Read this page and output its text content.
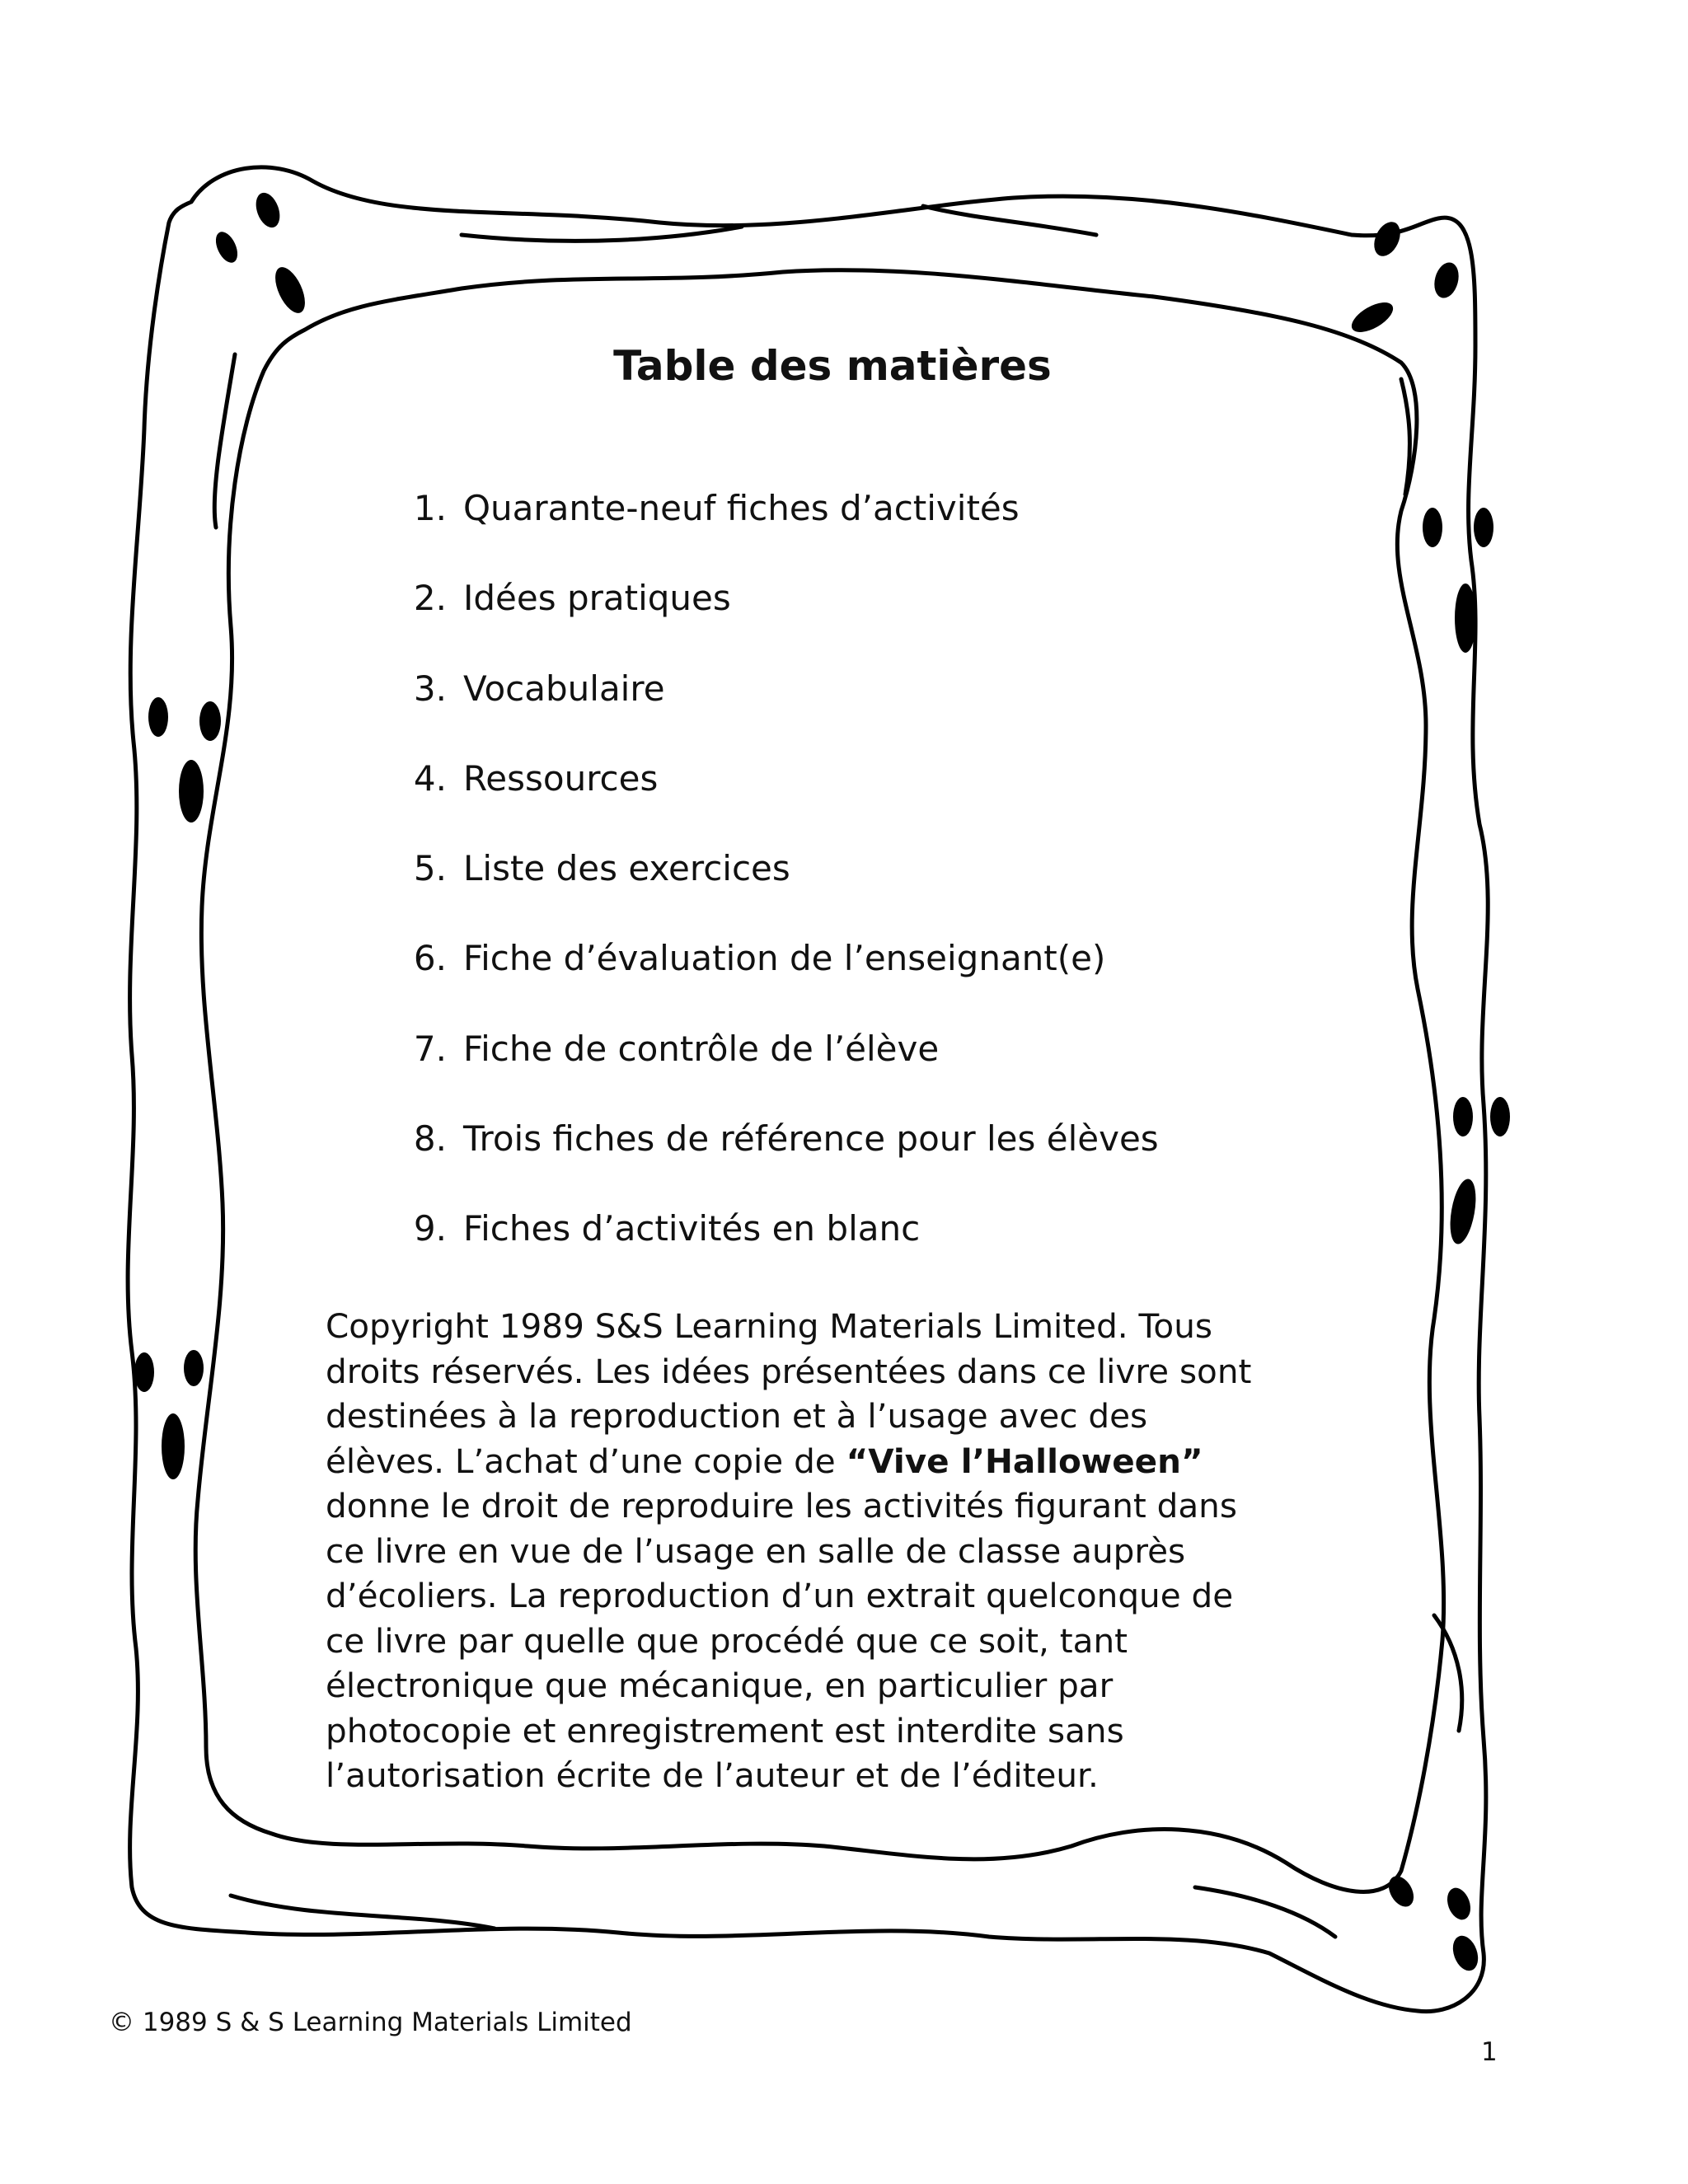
Table des matières
1. Quarante-neuf fiches d’activités
2. Idées pratiques
3. Vocabulaire
4. Ressources
5. Liste des exercices
6. Fiche d’évaluation de l’enseignant(e)
7. Fiche de contrôle de l’élève
8. Trois fiches de référence pour les élèves
9. Fiches d’activités en blanc

Copyright 1989 S&S Learning Materials Limited. Tous
droits réservés. Les idées présentées dans ce livre sont
destinées à la reproduction et à l’usage avec des
élèves. L’achat d’une copie de “Vive l’Halloween”
donne le droit de reproduire les activités figurant dans
ce livre en vue de l’usage en salle de classe auprès
d’écoliers. La reproduction d’un extrait quelconque de
ce livre par quelle que procédé que ce soit, tant
électronique que mécanique, en particulier par
photocopie et enregistrement est interdite sans
l’autorisation écrite de l’auteur et de l’éditeur.

© 1989 S & S Learning Materials Limited

1
